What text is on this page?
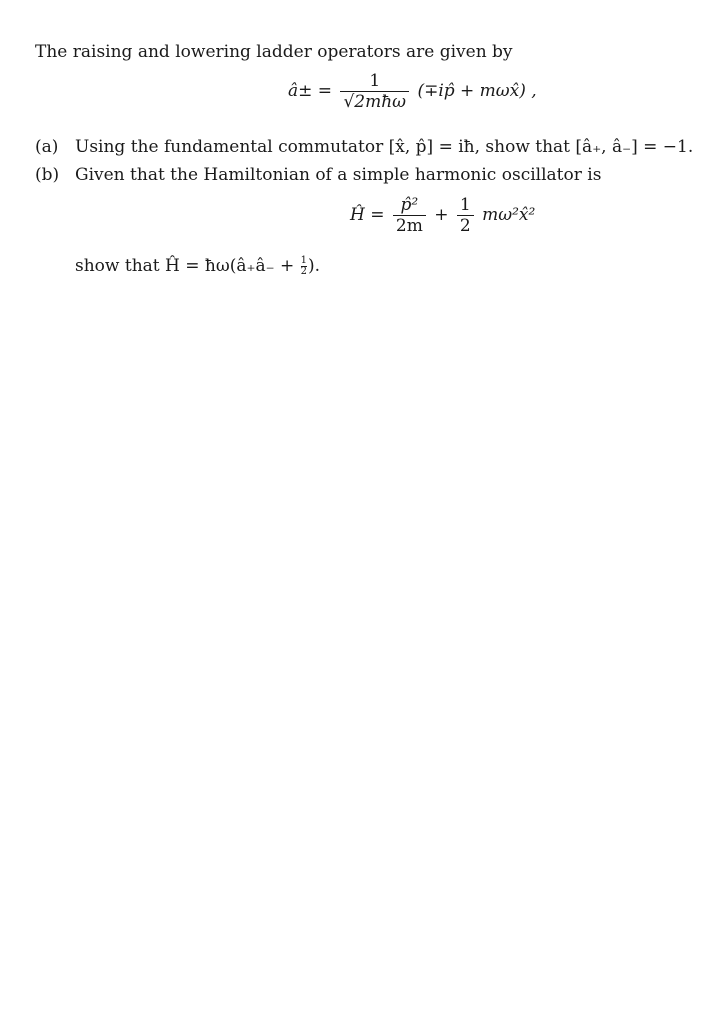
The raising and lowering ladder operators are given by
â± = $\frac{1}{\text{√2mħω}}$ (∓ip̂ + mωx̂) ,
(a) Using the fundamental commutator [x̂, p̂] = iħ, show that [â₊, â₋] = −1.
(b) Given that the Hamiltonian of a simple harmonic oscillator is
Ĥ = $\frac{\text{p̂²}}{2m} + \frac{1}{2}$ mω²x̂²
show that Ĥ = ħω(â₊â₋ + $\frac{1}{2}$ ).
